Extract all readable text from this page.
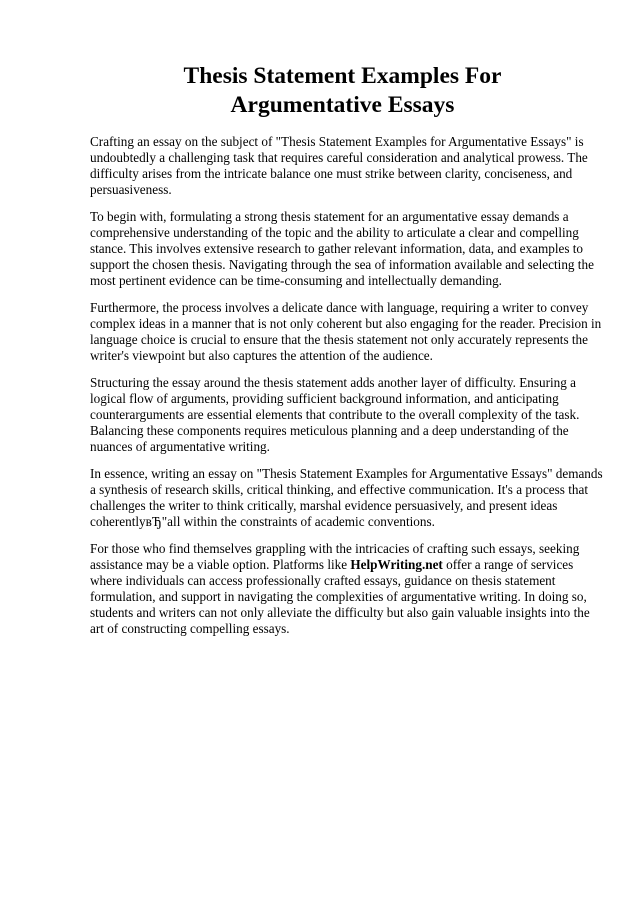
Thesis Statement Examples For
Argumentative Essays
Crafting an essay on the subject of "Thesis Statement Examples for Argumentative Essays" is
undoubtedly a challenging task that requires careful consideration and analytical prowess. The
difficulty arises from the intricate balance one must strike between clarity, conciseness, and
persuasiveness.
To begin with, formulating a strong thesis statement for an argumentative essay demands a
comprehensive understanding of the topic and the ability to articulate a clear and compelling
stance. This involves extensive research to gather relevant information, data, and examples to
support the chosen thesis. Navigating through the sea of information available and selecting the
most pertinent evidence can be time-consuming and intellectually demanding.
Furthermore, the process involves a delicate dance with language, requiring a writer to convey
complex ideas in a manner that is not only coherent but also engaging for the reader. Precision in
language choice is crucial to ensure that the thesis statement not only accurately represents the
writer's viewpoint but also captures the attention of the audience.
Structuring the essay around the thesis statement adds another layer of difficulty. Ensuring a
logical flow of arguments, providing sufficient background information, and anticipating
counterarguments are essential elements that contribute to the overall complexity of the task.
Balancing these components requires meticulous planning and a deep understanding of the
nuances of argumentative writing.
In essence, writing an essay on "Thesis Statement Examples for Argumentative Essays" demands
a synthesis of research skills, critical thinking, and effective communication. It's a process that
challenges the writer to think critically, marshal evidence persuasively, and present ideas
coherentlyвЂ"all within the constraints of academic conventions.
For those who find themselves grappling with the intricacies of crafting such essays, seeking
assistance may be a viable option. Platforms like HelpWriting.net offer a range of services
where individuals can access professionally crafted essays, guidance on thesis statement
formulation, and support in navigating the complexities of argumentative writing. In doing so,
students and writers can not only alleviate the difficulty but also gain valuable insights into the
art of constructing compelling essays.
